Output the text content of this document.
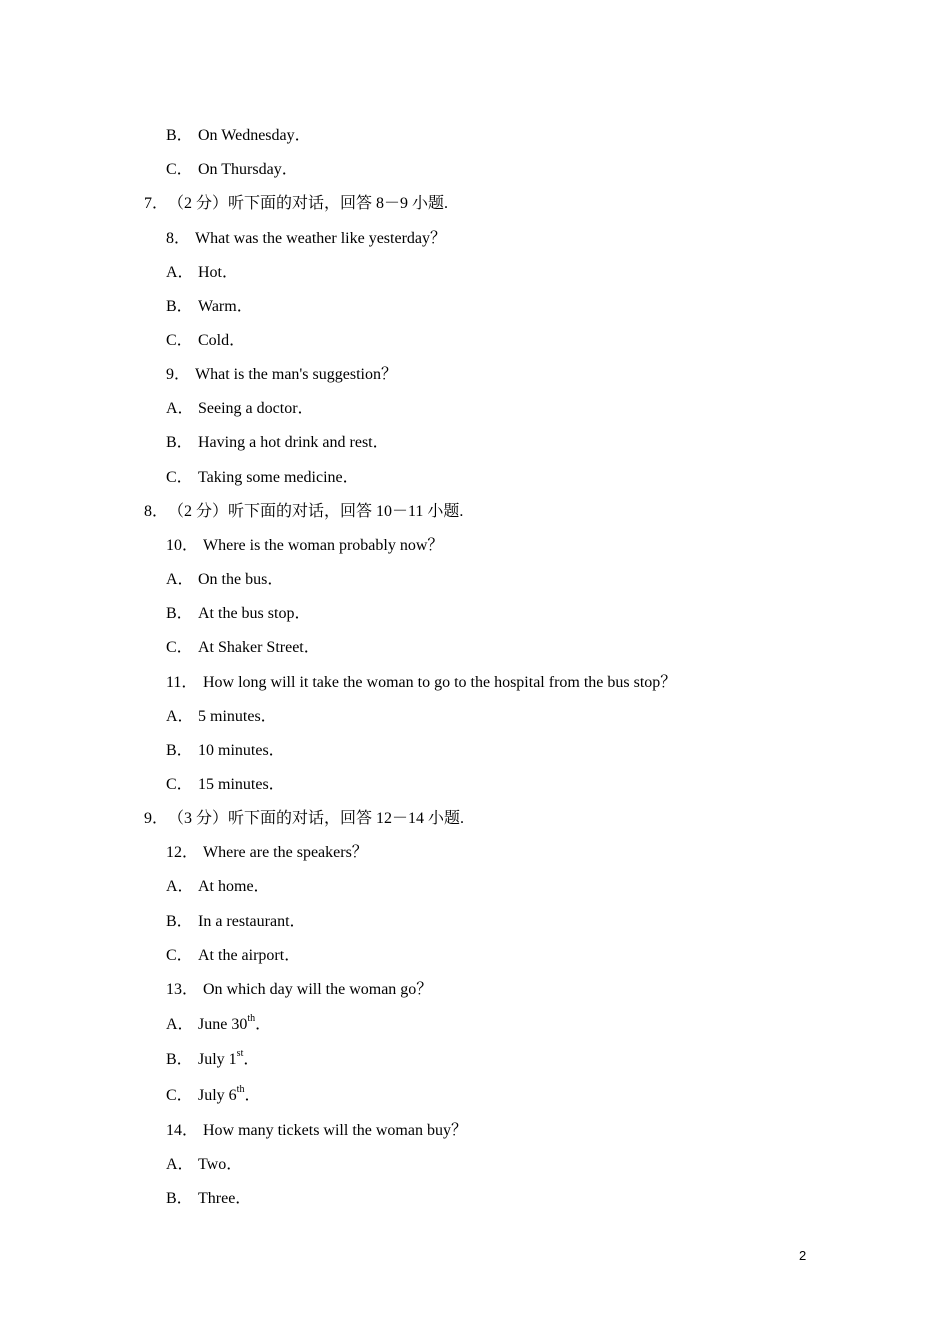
B． On Wednesday．
C． On Thursday．
7．（2 分）听下面的对话，回答 8－9 小题.
8． What was the weather like yesterday？
A． Hot．
B． Warm．
C． Cold．
9． What is the man's suggestion？
A． Seeing a doctor．
B． Having a hot drink and rest．
C． Taking some medicine．
8．（2 分）听下面的对话，回答 10－11 小题.
10． Where is the woman probably now？
A． On the bus．
B． At the bus stop．
C． At Shaker Street．
11． How long will it take the woman to go to the hospital from the bus stop？
A． 5 minutes．
B． 10 minutes．
C． 15 minutes．
9．（3 分）听下面的对话，回答 12－14 小题.
12． Where are the speakers？
A． At home．
B． In a restaurant．
C． At the airport．
13． On which day will the woman go？
A． June 30th．
B． July 1st．
C． July 6th．
14． How many tickets will the woman buy？
A． Two．
B． Three．
2
